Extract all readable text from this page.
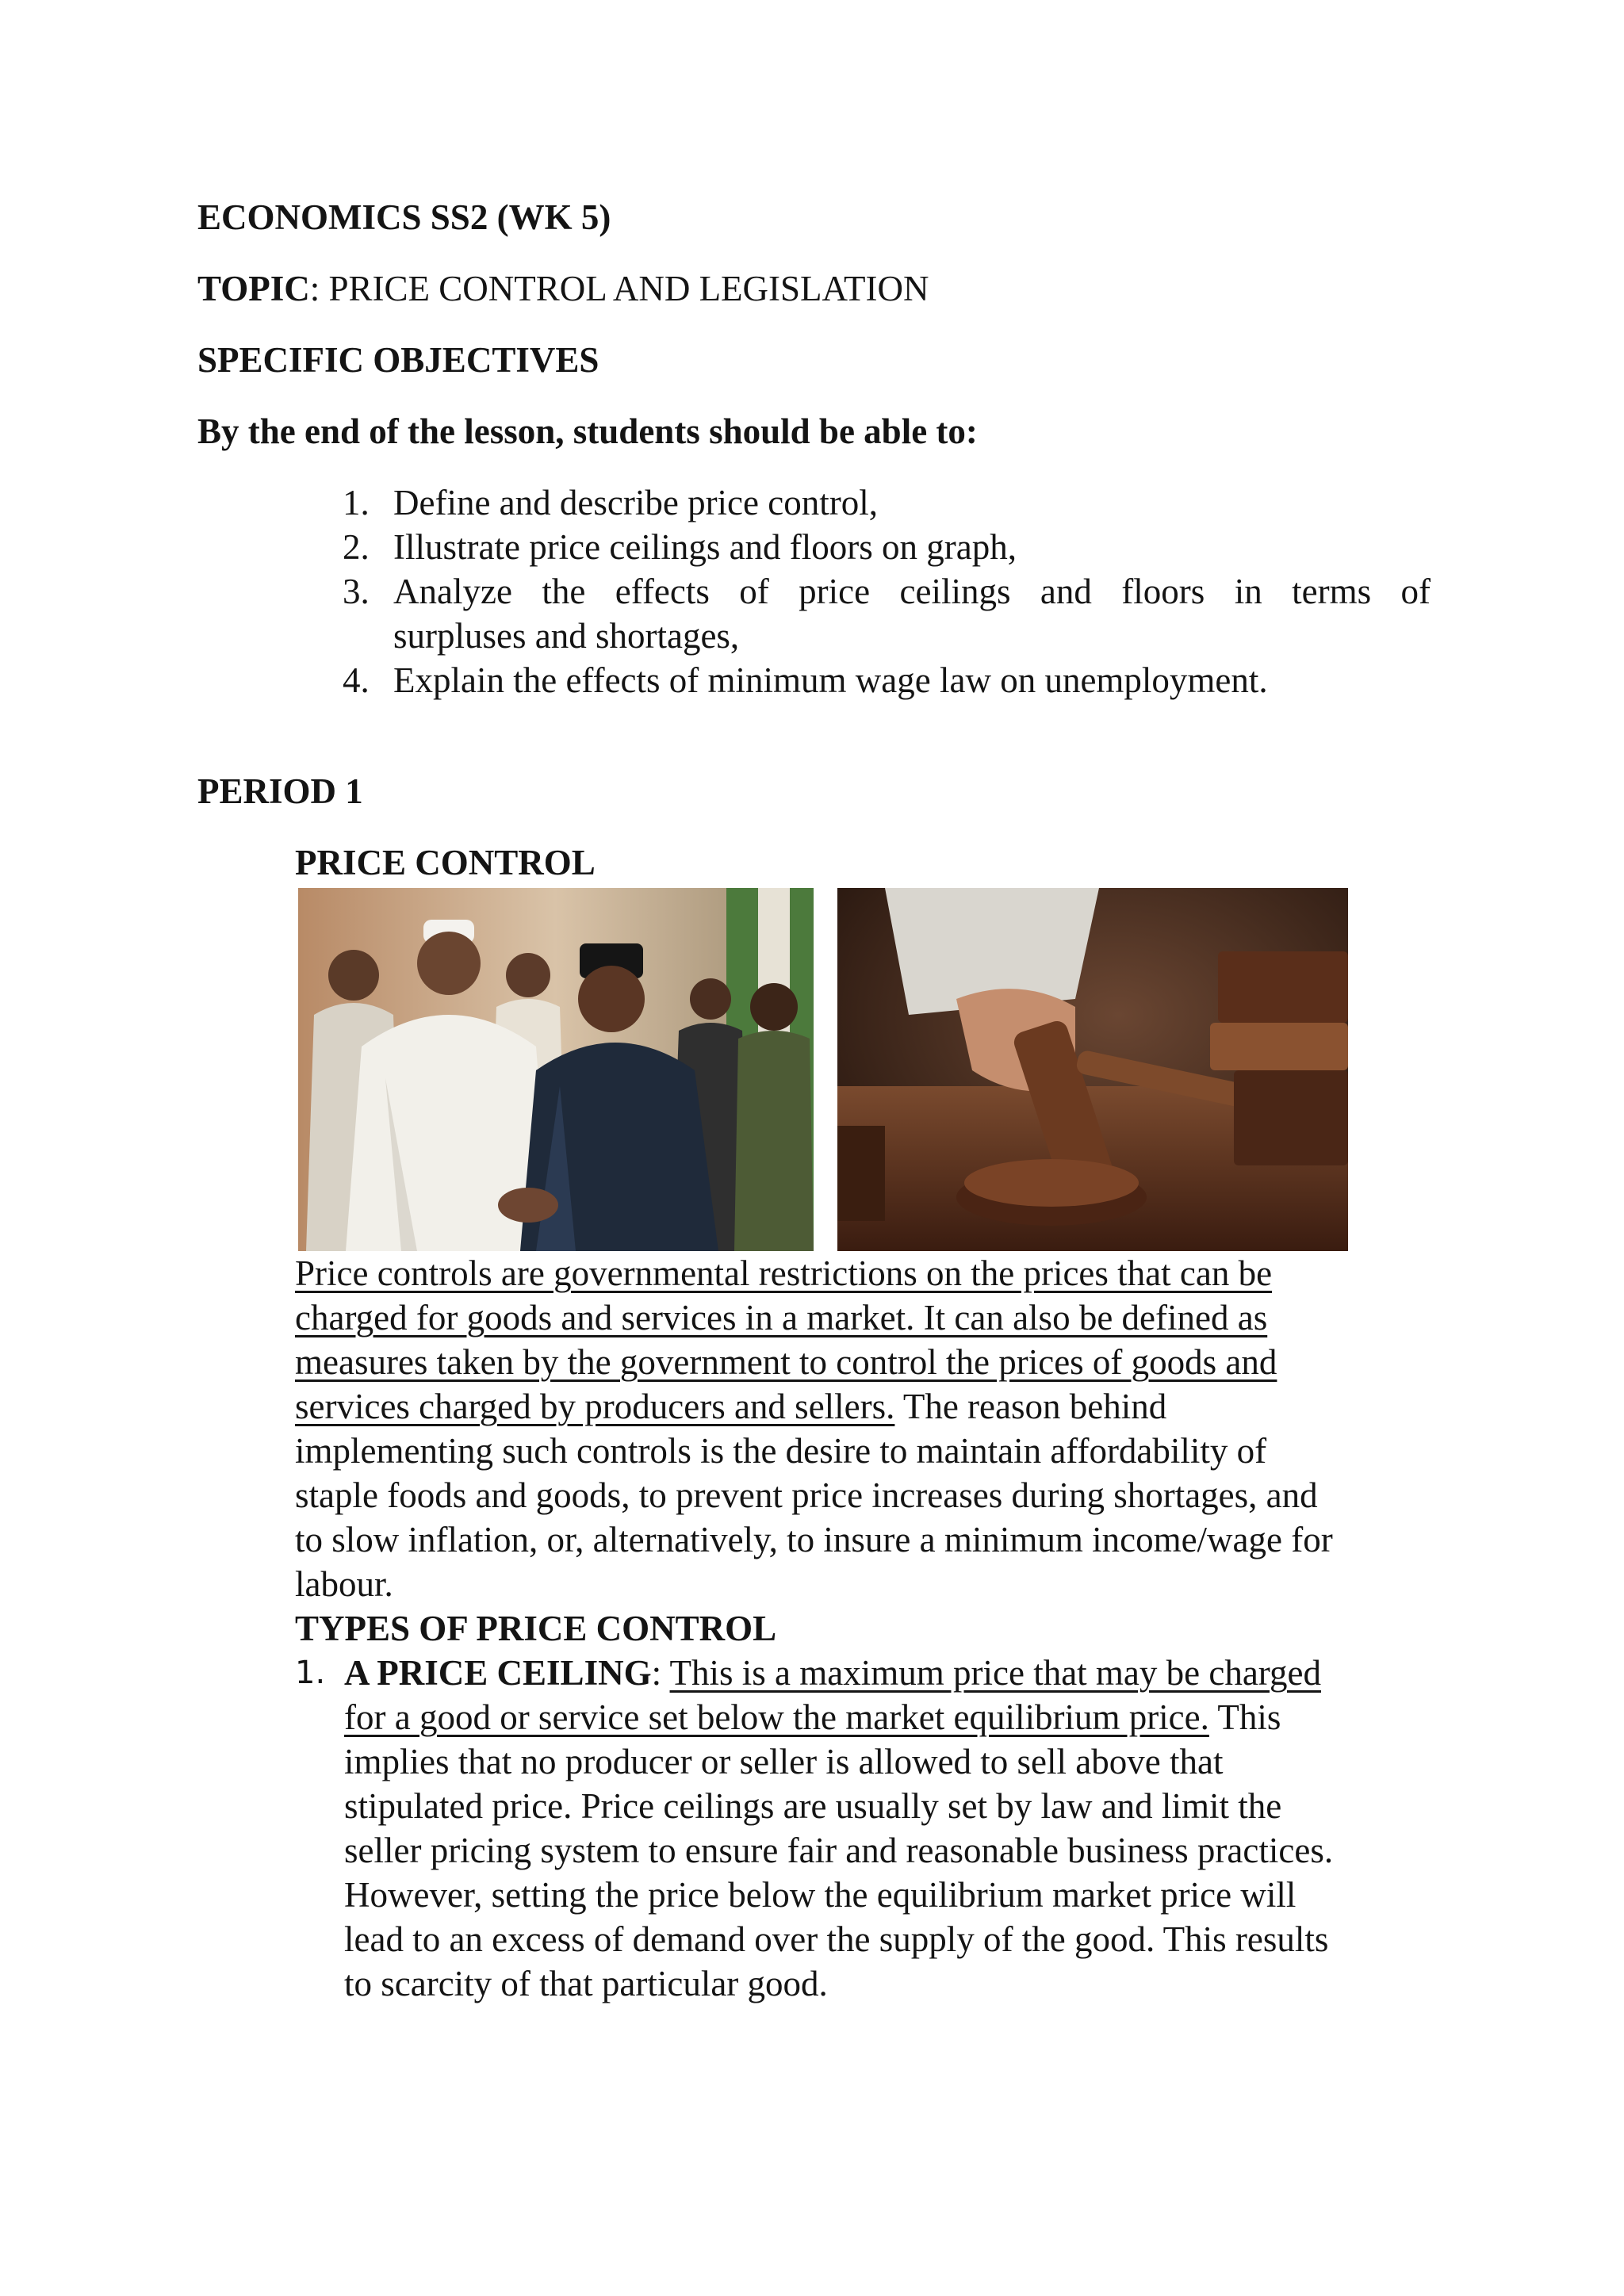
ECONOMICS SS2 (WK 5)
TOPIC: PRICE CONTROL AND LEGISLATION
SPECIFIC OBJECTIVES
By the end of the lesson, students should be able to:
1. Define and describe price control,
2. Illustrate price ceilings and floors on graph,
3. Analyze the effects of price ceilings and floors in terms of
surpluses and shortages,
4. Explain the effects of minimum wage law on unemployment.
PERIOD 1
PRICE CONTROL
Price controls are governmental restrictions on the prices that can be
charged for goods and services in a market. It can also be defined as
measures taken by the government to control the prices of goods and
services charged by producers and sellers. The reason behind
implementing such controls is the desire to maintain affordability of
staple foods and goods, to prevent price increases during shortages, and
to slow inflation, or, alternatively, to insure a minimum income/wage for
labour.
TYPES OF PRICE CONTROL
1. A PRICE CEILING: This is a maximum price that may be charged
for a good or service set below the market equilibrium price. This
implies that no producer or seller is allowed to sell above that
stipulated price. Price ceilings are usually set by law and limit the
seller pricing system to ensure fair and reasonable business practices.
However, setting the price below the equilibrium market price will
lead to an excess of demand over the supply of the good. This results
to scarcity of that particular good.
